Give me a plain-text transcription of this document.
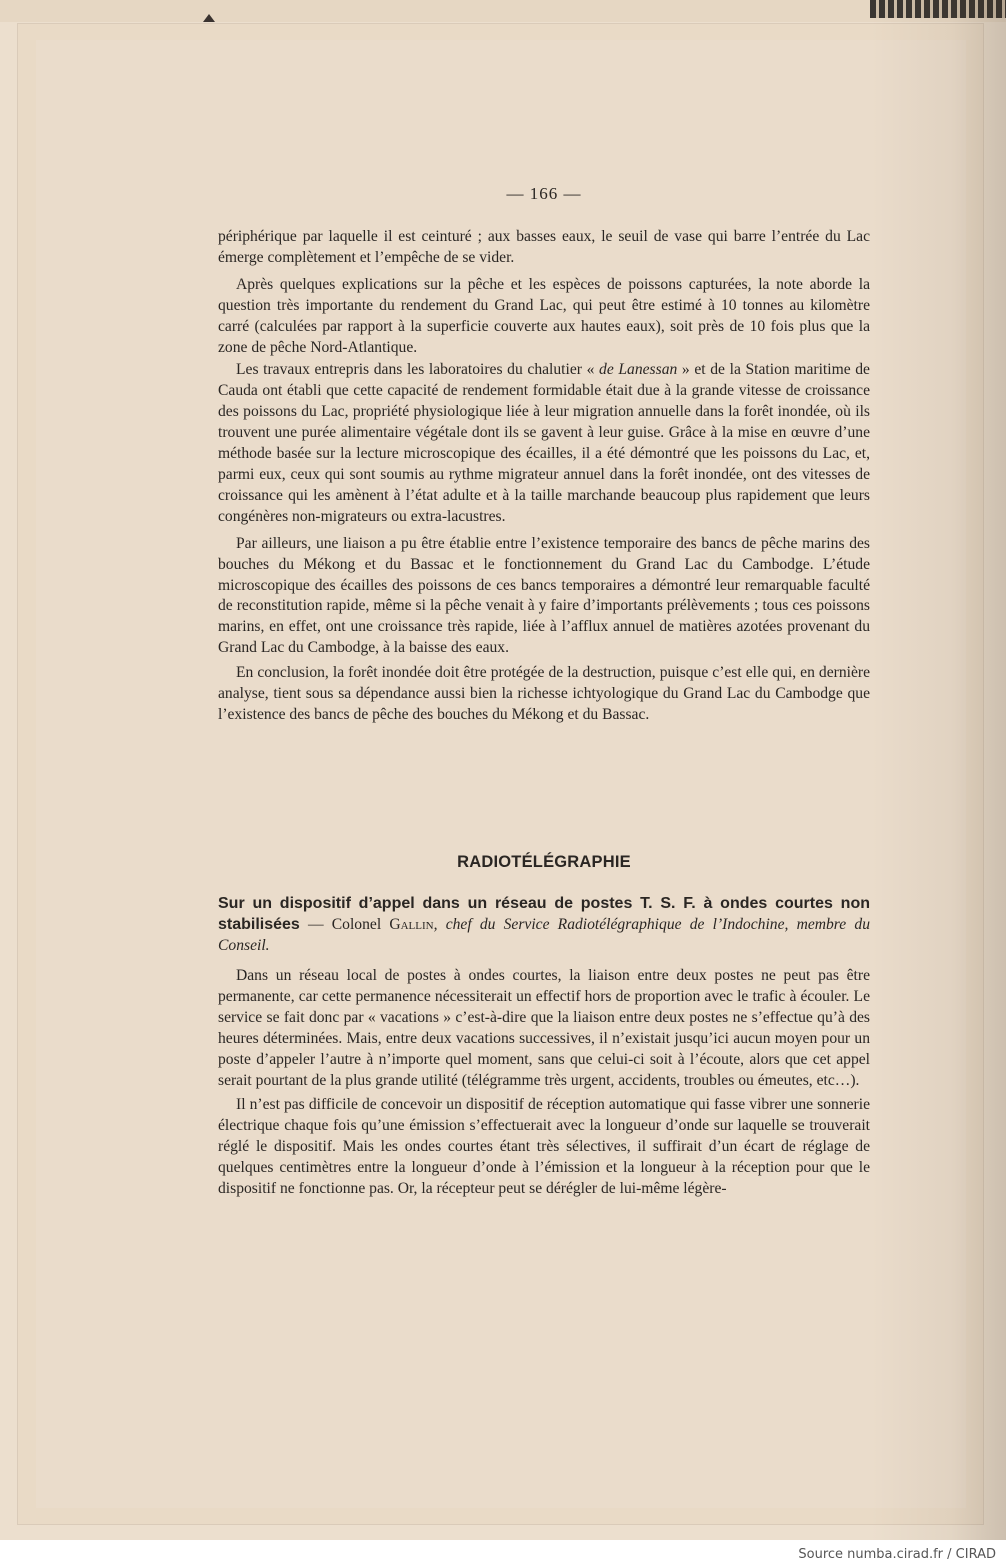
— 166 —

périphérique par laquelle il est ceinturé ; aux basses eaux, le seuil de vase qui barre l’entrée du Lac émerge complètement et l’empêche de se vider.

Après quelques explications sur la pêche et les espèces de poissons capturées, la note aborde la question très importante du rendement du Grand Lac, qui peut être estimé à 10 tonnes au kilomètre carré (calculées par rapport à la superficie couverte aux hautes eaux), soit près de 10 fois plus que la zone de pêche Nord-Atlantique.

Les travaux entrepris dans les laboratoires du chalutier « de Lanessan » et de la Station maritime de Cauda ont établi que cette capacité de rendement formidable était due à la grande vitesse de croissance des poissons du Lac, propriété physiologique liée à leur migration annuelle dans la forêt inondée, où ils trouvent une purée alimentaire végétale dont ils se gavent à leur guise. Grâce à la mise en œuvre d’une méthode basée sur la lecture microscopique des écailles, il a été démontré que les poissons du Lac, et, parmi eux, ceux qui sont soumis au rythme migrateur annuel dans la forêt inondée, ont des vitesses de croissance qui les amènent à l’état adulte et à la taille marchande beaucoup plus rapidement que leurs congénères non-migrateurs ou extra-lacustres.

Par ailleurs, une liaison a pu être établie entre l’existence temporaire des bancs de pêche marins des bouches du Mékong et du Bassac et le fonctionnement du Grand Lac du Cambodge. L’étude microscopique des écailles des poissons de ces bancs temporaires a démontré leur remarquable faculté de reconstitution rapide, même si la pêche venait à y faire d’importants prélèvements ; tous ces poissons marins, en effet, ont une croissance très rapide, liée à l’afflux annuel de matières azotées provenant du Grand Lac du Cambodge, à la baisse des eaux.

En conclusion, la forêt inondée doit être protégée de la destruction, puisque c’est elle qui, en dernière analyse, tient sous sa dépendance aussi bien la richesse ichtyologique du Grand Lac du Cambodge que l’existence des bancs de pêche des bouches du Mékong et du Bassac.

RADIOTÉLÉGRAPHIE
Sur un dispositif d’appel dans un réseau de postes T. S. F. à ondes courtes non stabilisées — Colonel Gallin, chef du Service Radiotélégraphique de l’Indochine, membre du Conseil.

Dans un réseau local de postes à ondes courtes, la liaison entre deux postes ne peut pas être permanente, car cette permanence nécessiterait un effectif hors de proportion avec le trafic à écouler. Le service se fait donc par « vacations » c’est-à-dire que la liaison entre deux postes ne s’effectue qu’à des heures déterminées. Mais, entre deux vacations successives, il n’existait jusqu’ici aucun moyen pour un poste d’appeler l’autre à n’importe quel moment, sans que celui-ci soit à l’écoute, alors que cet appel serait pourtant de la plus grande utilité (télégramme très urgent, accidents, troubles ou émeutes, etc…).

Il n’est pas difficile de concevoir un dispositif de réception automatique qui fasse vibrer une sonnerie électrique chaque fois qu’une émission s’effectuerait avec la longueur d’onde sur laquelle se trouverait réglé le dispositif. Mais les ondes courtes étant très sélectives, il suffirait d’un écart de réglage de quelques centimètres entre la longueur d’onde à l’émission et la longueur à la réception pour que le dispositif ne fonctionne pas. Or, la récepteur peut se dérégler de lui-même légère-

Source numba.cirad.fr / CIRAD
